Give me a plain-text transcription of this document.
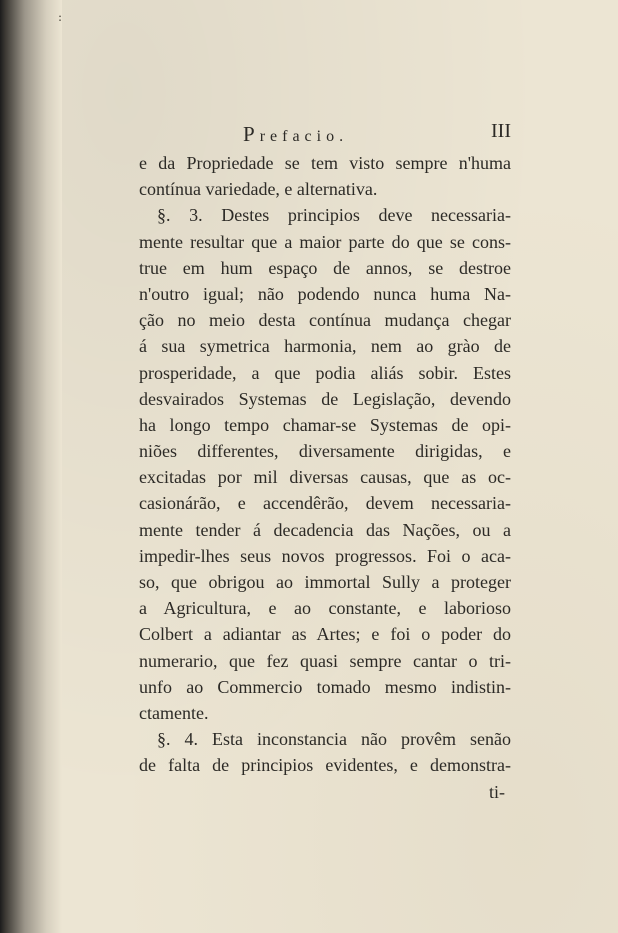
:
Prefacio.	III
e da Propriedade se tem visto sempre n'huma
contínua variedade, e alternativa.
§. 3. Destes principios deve necessaria-
mente resultar que a maior parte do que se cons-
true em hum espaço de annos, se destroe
n'outro igual; não podendo nunca huma Na-
ção no meio desta contínua mudança chegar
á sua symetrica harmonia, nem ao grào de
prosperidade, a que podia aliás sobir. Estes
desvairados Systemas de Legislação, devendo
ha longo tempo chamar-se Systemas de opi-
niões differentes, diversamente dirigidas, e
excitadas por mil diversas causas, que as oc-
casionárão, e accendêrão, devem necessaria-
mente tender á decadencia das Nações, ou a
impedir-lhes seus novos progressos. Foi o aca-
so, que obrigou ao immortal Sully a proteger
a Agricultura, e ao constante, e laborioso
Colbert a adiantar as Artes; e foi o poder do
numerario, que fez quasi sempre cantar o tri-
unfo ao Commercio tomado mesmo indistin-
ctamente.
§. 4. Esta inconstancia não provêm senão
de falta de principios evidentes, e demonstra-
ti-
